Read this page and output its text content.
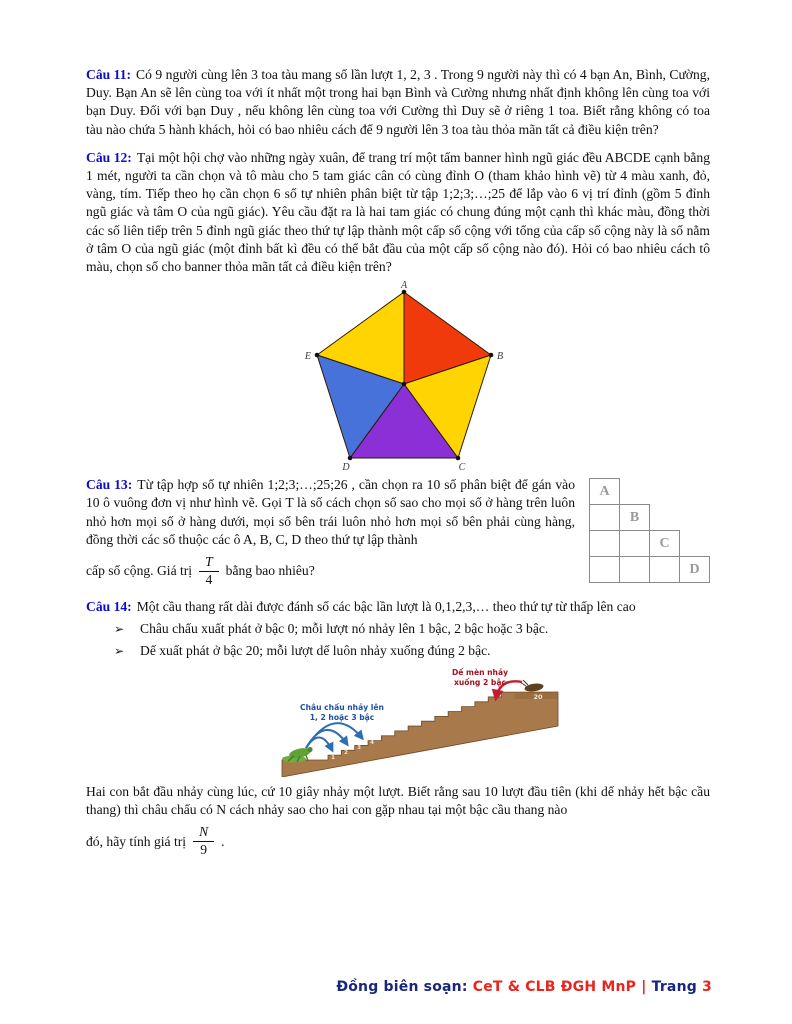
Câu 11: Có 9 người cùng lên 3 toa tàu mang số lần lượt 1, 2, 3 . Trong 9 người này thì có 4 bạn An, Bình, Cường, Duy. Bạn An sẽ lên cùng toa với ít nhất một trong hai bạn Bình và Cường nhưng nhất định không lên cùng toa với bạn Duy. Đối với bạn Duy , nếu không lên cùng toa với Cường thì Duy sẽ ở riêng 1 toa. Biết rằng không có toa tàu nào chứa 5 hành khách, hỏi có bao nhiêu cách để 9 người lên 3 toa tàu thỏa mãn tất cả điều kiện trên?

Câu 12: Tại một hội chợ vào những ngày xuân, để trang trí một tấm banner hình ngũ giác đều ABCDE cạnh bằng 1 mét, người ta cần chọn và tô màu cho 5 tam giác cân có cùng đỉnh O (tham khảo hình vẽ) từ 4 màu xanh, đỏ, vàng, tím. Tiếp theo họ cần chọn 6 số tự nhiên phân biệt từ tập 1;2;3;…;25 để lắp vào 6 vị trí đỉnh (gồm 5 đỉnh ngũ giác và tâm O của ngũ giác). Yêu cầu đặt ra là hai tam giác có chung đúng một cạnh thì khác màu, đồng thời các số liên tiếp trên 5 đỉnh ngũ giác theo thứ tự lập thành một cấp số cộng với tổng của cấp số cộng này là số nằm ở tâm O của ngũ giác (một đỉnh bất kì đều có thể bắt đầu của một cấp số cộng nào đó). Hỏi có bao nhiêu cách tô màu, chọn số cho banner thỏa mãn tất cả điều kiện trên?

A
B
C
D
E
A
B
C
D

Câu 13: Từ tập hợp số tự nhiên 1;2;3;…;25;26 , cần chọn ra 10 số phân biệt để gán vào 10 ô vuông đơn vị như hình vẽ. Gọi T là số cách chọn số sao cho mọi số ở hàng trên luôn nhỏ hơn mọi số ở hàng dưới, mọi số bên trái luôn nhỏ hơn mọi số bên phải cùng hàng, đồng thời các số thuộc các ô A, B, C, D theo thứ tự lập thành

cấp số cộng. Giá trị $\frac{T}{4}$ bằng bao nhiêu?

Câu 14: Một cầu thang rất dài được đánh số các bậc lần lượt là 0,1,2,3,… theo thứ tự từ thấp lên cao

➢	Châu chấu xuất phát ở bậc 0; mỗi lượt nó nhảy lên 1 bậc, 2 bậc hoặc 3 bậc.
➢	Dế xuất phát ở bậc 20; mỗi lượt dế luôn nhảy xuống đúng 2 bậc.
1
2
3
4
20
Châu chấu nhảy lên
1, 2 hoặc 3 bậc
Dế mèn nhảy
xuống 2 bậc

Hai con bắt đầu nhảy cùng lúc, cứ 10 giây nhảy một lượt. Biết rằng sau 10 lượt đầu tiên (khi dế nhảy hết bậc cầu thang) thì châu chấu có N cách nhảy sao cho hai con gặp nhau tại một bậc cầu thang nào

đó, hãy tính giá trị $\frac{N}{9}$ .
Đồng biên soạn: CeT & CLB ĐGH MnP | Trang 3
